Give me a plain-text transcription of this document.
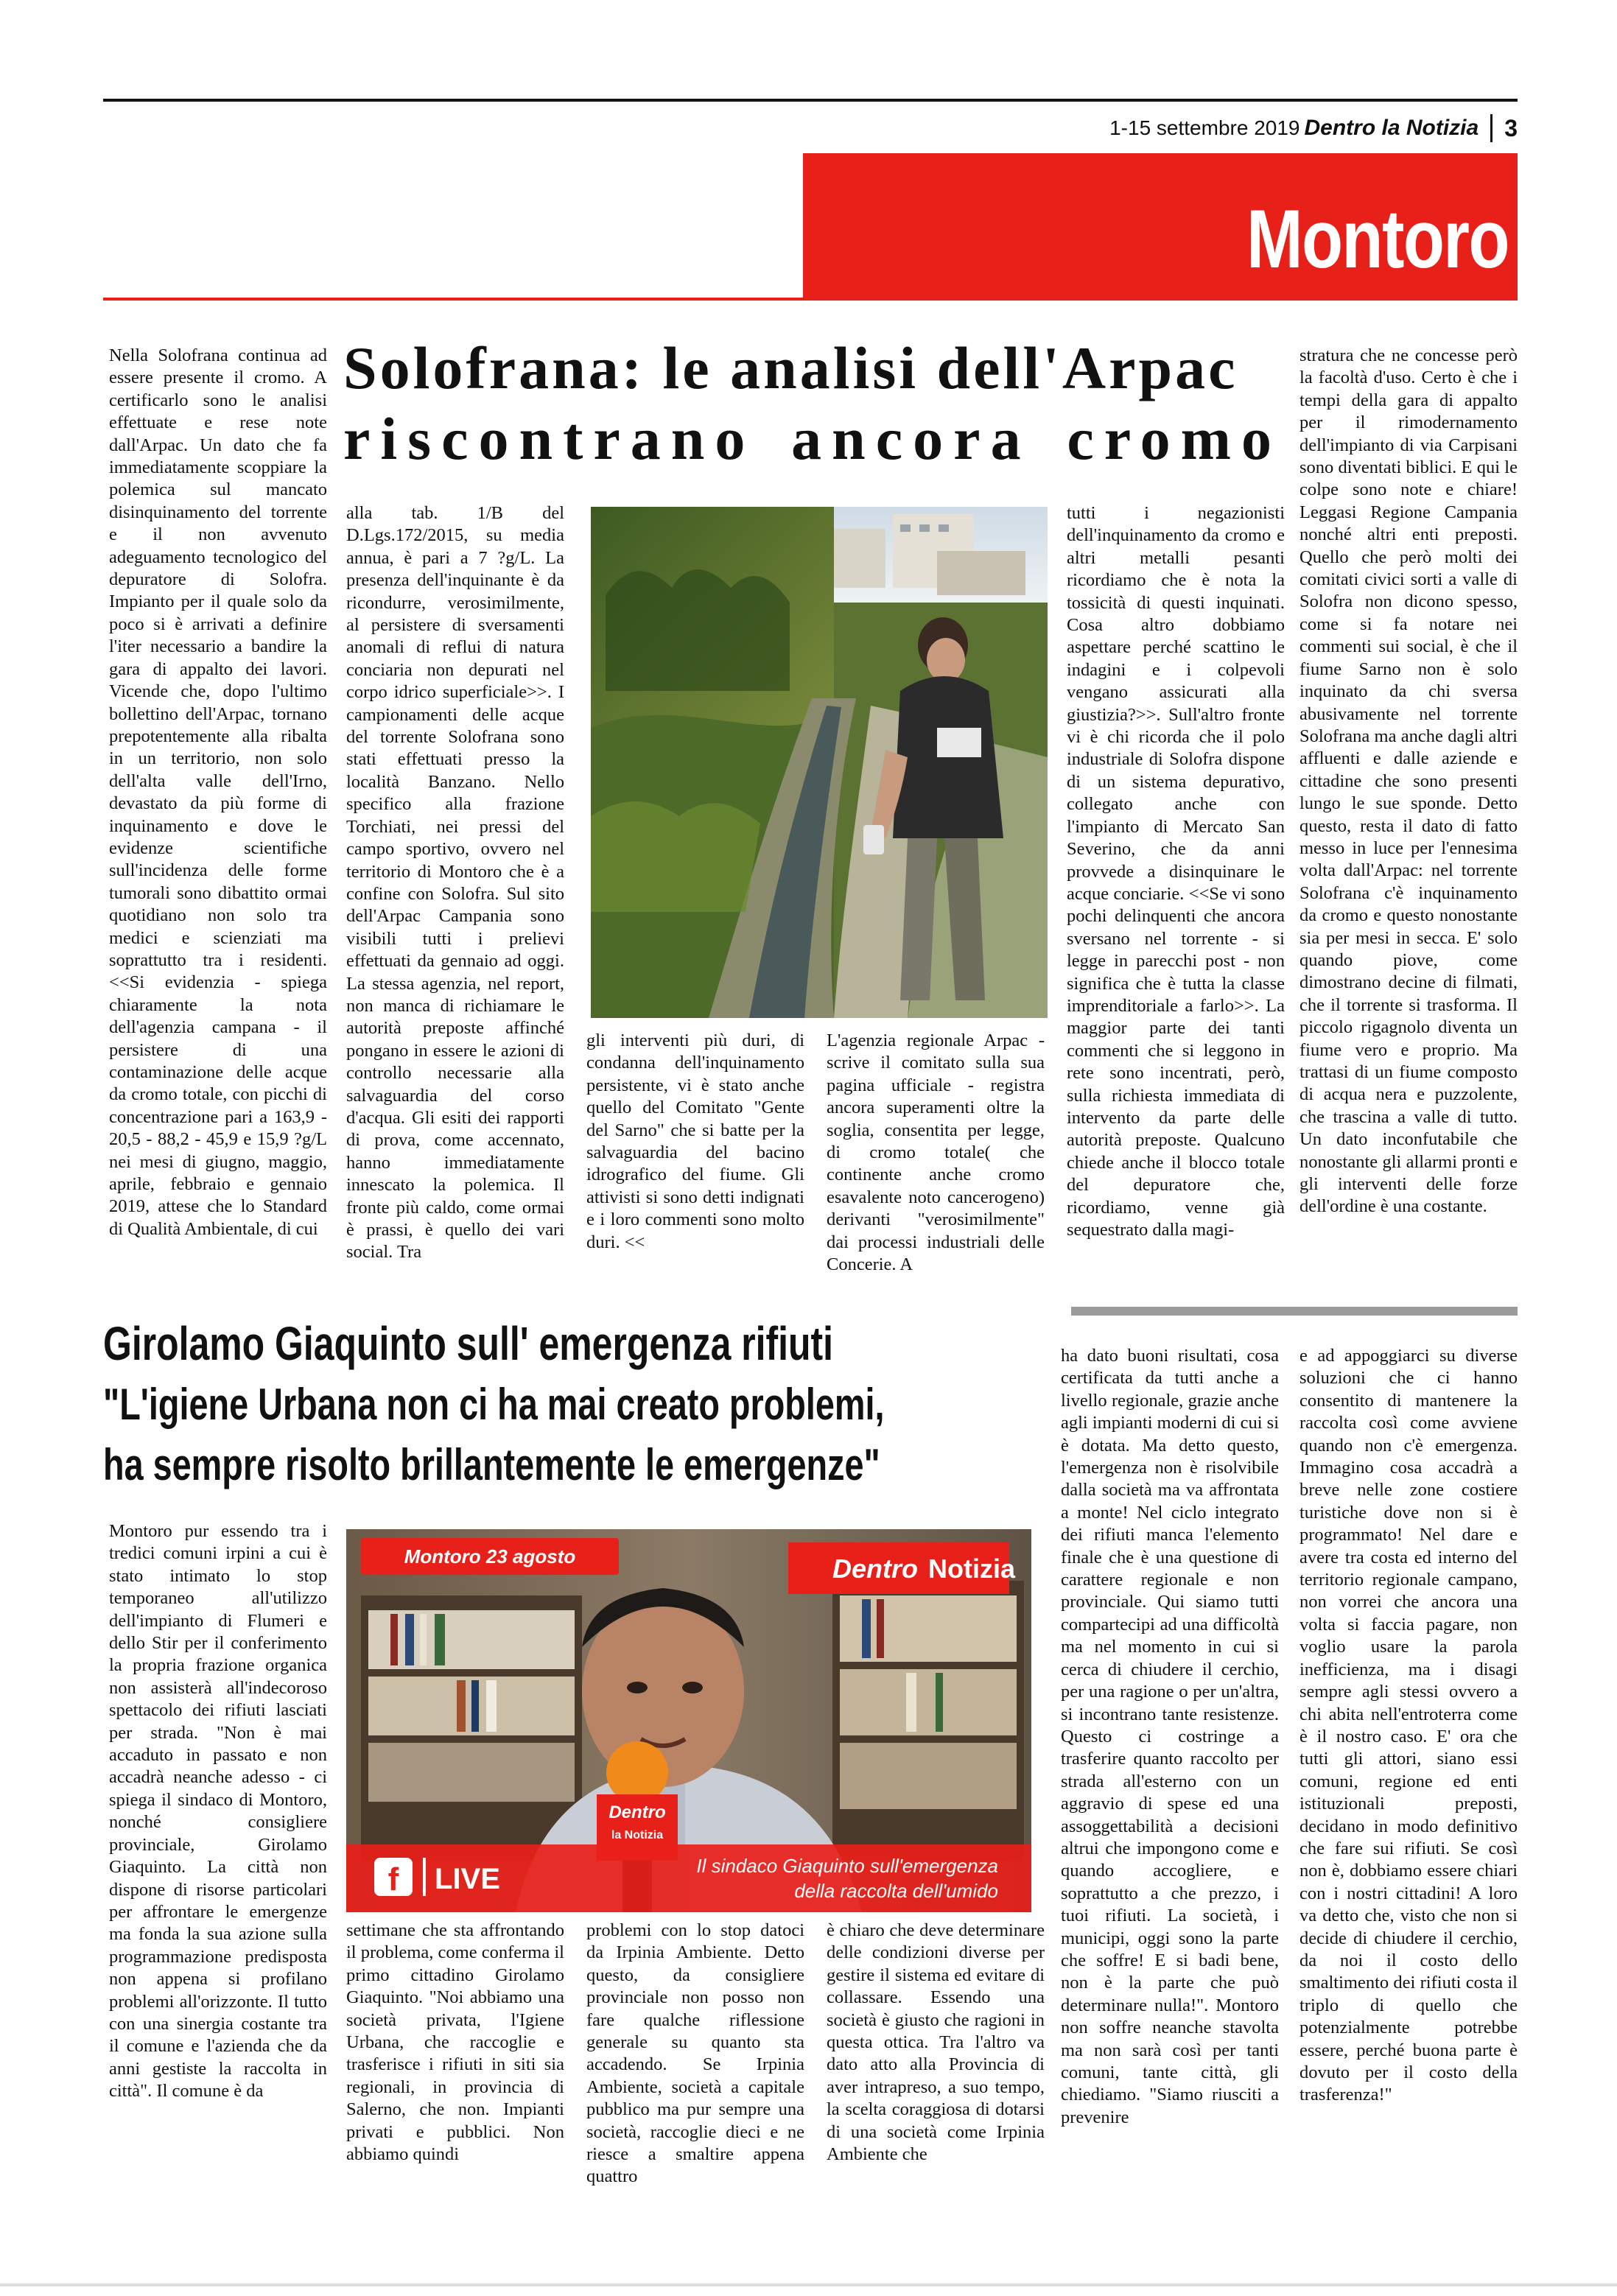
1-15 settembre 2019 Dentro la Notizia 3
Montoro
Solofrana: le analisi dell'Arpac
riscontrano ancora cromo
Nella Solofrana continua ad essere presente il cromo. A certificarlo sono le analisi effettuate e rese note dall'Arpac. Un dato che fa immediatamente scoppiare la polemica sul mancato disinquinamento del torrente e il non avvenuto adeguamento tecnologico del depuratore di Solofra. Impianto per il quale solo da poco si è arrivati a definire l'iter necessario a bandire la gara di appalto dei lavori. Vicende che, dopo l'ultimo bollettino dell'Arpac, tornano prepotentemente alla ribalta in un territorio, non solo dell'alta valle dell'Irno, devastato da più forme di inquinamento e dove le evidenze scientifiche sull'incidenza delle forme tumorali sono dibattito ormai quotidiano non solo tra medici e scienziati ma soprattutto tra i residenti. <<Si evidenzia - spiega chiaramente la nota dell'agenzia campana - il persistere di una contaminazione delle acque da cromo totale, con picchi di concentrazione pari a 163,9 - 20,5 - 88,2 - 45,9 e 15,9 ?g/L nei mesi di giugno, maggio, aprile, febbraio e gennaio 2019, attese che lo Standard di Qualità Ambientale, di cui
alla tab. 1/B del D.Lgs.172/2015, su media annua, è pari a 7 ?g/L. La presenza dell'inquinante è da ricondurre, verosimilmente, al persistere di sversamenti anomali di reflui di natura conciaria non depurati nel corpo idrico superficiale>>. I campionamenti delle acque del torrente Solofrana sono stati effettuati presso la località Banzano. Nello specifico alla frazione Torchiati, nei pressi del campo sportivo, ovvero nel territorio di Montoro che è a confine con Solofra. Sul sito dell'Arpac Campania sono visibili tutti i prelievi effettuati da gennaio ad oggi. La stessa agenzia, nel report, non manca di richiamare le autorità preposte affinché pongano in essere le azioni di controllo necessarie alla salvaguardia del corso d'acqua. Gli esiti dei rapporti di prova, come accennato, hanno immediatamente innescato la polemica. Il fronte più caldo, come ormai è prassi, è quello dei vari social. Tra
gli interventi più duri, di condanna dell'inquinamento persistente, vi è stato anche quello del Comitato "Gente del Sarno" che si batte per la salvaguardia del bacino idrografico del fiume. Gli attivisti si sono detti indignati e i loro commenti sono molto duri. <<
L'agenzia regionale Arpac - scrive il comitato sulla sua pagina ufficiale - registra ancora superamenti oltre la soglia, consentita per legge, di cromo totale( che continente anche cromo esavalente noto cancerogeno) derivanti "verosimilmente" dai processi industriali delle Concerie. A
tutti i negazionisti dell'inquinamento da cromo e altri metalli pesanti ricordiamo che è nota la tossicità di questi inquinati. Cosa altro dobbiamo aspettare perché scattino le indagini e i colpevoli vengano assicurati alla giustizia?>>. Sull'altro fronte vi è chi ricorda che il polo industriale di Solofra dispone di un sistema depurativo, collegato anche con l'impianto di Mercato San Severino, che da anni provvede a disinquinare le acque conciarie. <<Se vi sono pochi delinquenti che ancora sversano nel torrente - si legge in parecchi post - non significa che è tutta la classe imprenditoriale a farlo>>. La maggior parte dei tanti commenti che si leggono in rete sono incentrati, però, sulla richiesta immediata di intervento da parte delle autorità preposte. Qualcuno chiede anche il blocco totale del depuratore che, ricordiamo, venne già sequestrato dalla magi-
stratura che ne concesse però la facoltà d'uso. Certo è che i tempi della gara di appalto per il rimodernamento dell'impianto di via Carpisani sono diventati biblici. E qui le colpe sono note e chiare! Leggasi Regione Campania nonché altri enti preposti. Quello che però molti dei comitati civici sorti a valle di Solofra non dicono spesso, come si fa notare nei commenti sui social, è che il fiume Sarno non è solo inquinato da chi sversa abusivamente nel torrente Solofrana ma anche dagli altri affluenti e dalle aziende e cittadine che sono presenti lungo le sue sponde. Detto questo, resta il dato di fatto messo in luce per l'ennesima volta dall'Arpac: nel torrente Solofrana c'è inquinamento da cromo e questo nonostante sia per mesi in secca. E' solo quando piove, come dimostrano decine di filmati, che il torrente si trasforma. Il piccolo rigagnolo diventa un fiume vero e proprio. Ma trattasi di un fiume composto di acqua nera e puzzolente, che trascina a valle di tutto. Un dato inconfutabile che nonostante gli allarmi pronti e gli interventi delle forze dell'ordine è una costante.
Girolamo Giaquinto sull' emergenza rifiuti
"L'igiene Urbana non ci ha mai creato problemi,
ha sempre risolto brillantemente le emergenze"
Montoro pur essendo tra i tredici comuni irpini a cui è stato intimato lo stop temporaneo all'utilizzo dell'impianto di Flumeri e dello Stir per il conferimento la propria frazione organica non assisterà all'indecoroso spettacolo dei rifiuti lasciati per strada. "Non è mai accaduto in passato e non accadrà neanche adesso - ci spiega il sindaco di Montoro, nonché consigliere provinciale, Girolamo Giaquinto. La città non dispone di risorse particolari per affrontare le emergenze ma fonda la sua azione sulla programmazione predisposta non appena si profilano problemi all'orizzonte. Il tutto con una sinergia costante tra il comune e l'azienda che da anni gestiste la raccolta in città". Il comune è da
settimane che sta affrontando il problema, come conferma il primo cittadino Girolamo Giaquinto. "Noi abbiamo una società privata, l'Igiene Urbana, che raccoglie e trasferisce i rifiuti in siti sia regionali, in provincia di Salerno, che non. Impianti privati e pubblici. Non abbiamo quindi
problemi con lo stop datoci da Irpinia Ambiente. Detto questo, da consigliere provinciale non posso non fare qualche riflessione generale su quanto sta accadendo. Se Irpinia Ambiente, società a capitale pubblico ma pur sempre una società, raccoglie dieci e ne riesce a smaltire appena quattro
è chiaro che deve determinare delle condizioni diverse per gestire il sistema ed evitare di collassare. Essendo una società è giusto che ragioni in questa ottica. Tra l'altro va dato atto alla Provincia di aver intrapreso, a suo tempo, la scelta coraggiosa di dotarsi di una società come Irpinia Ambiente che
ha dato buoni risultati, cosa certificata da tutti anche a livello regionale, grazie anche agli impianti moderni di cui si è dotata. Ma detto questo, l'emergenza non è risolvibile dalla società ma va affrontata a monte! Nel ciclo integrato dei rifiuti manca l'elemento finale che è una questione di carattere regionale e non provinciale. Qui siamo tutti compartecipi ad una difficoltà ma nel momento in cui si cerca di chiudere il cerchio, per una ragione o per un'altra, si incontrano tante resistenze. Questo ci costringe a trasferire quanto raccolto per strada all'esterno con un aggravio di spese ed una assoggettabilità a decisioni altrui che impongono come e quando accogliere, e soprattutto a che prezzo, i tuoi rifiuti. La società, i municipi, oggi sono la parte che soffre! E si badi bene, non è la parte che può determinare nulla!". Montoro non soffre neanche stavolta ma non sarà così per tanti comuni, tante città, gli chiediamo. "Siamo riusciti a prevenire
e ad appoggiarci su diverse soluzioni che ci hanno consentito di mantenere la raccolta così come avviene quando non c'è emergenza. Immagino cosa accadrà a breve nelle zone costiere turistiche dove non si è programmato! Nel dare e avere tra costa ed interno del territorio regionale campano, non vorrei che ancora una volta si faccia pagare, non voglio usare la parola inefficienza, ma i disagi sempre agli stessi ovvero a chi abita nell'entroterra come è il nostro caso. E' ora che tutti gli attori, siano essi comuni, regione ed enti istituzionali preposti, decidano in modo definitivo che fare sui rifiuti. Se così non è, dobbiamo essere chiari con i nostri cittadini! A loro va detto che, visto che non si decide di chiudere il cerchio, da noi il costo dello smaltimento dei rifiuti costa il triplo di quello che potenzialmente potrebbe essere, perché buona parte è dovuto per il costo della trasferenza!"
Dentro
la Notizia
Montoro 23 agosto	Dentro Notizia
f LIVE	Il sindaco Giaquinto sull'emergenza
della raccolta dell'umido
